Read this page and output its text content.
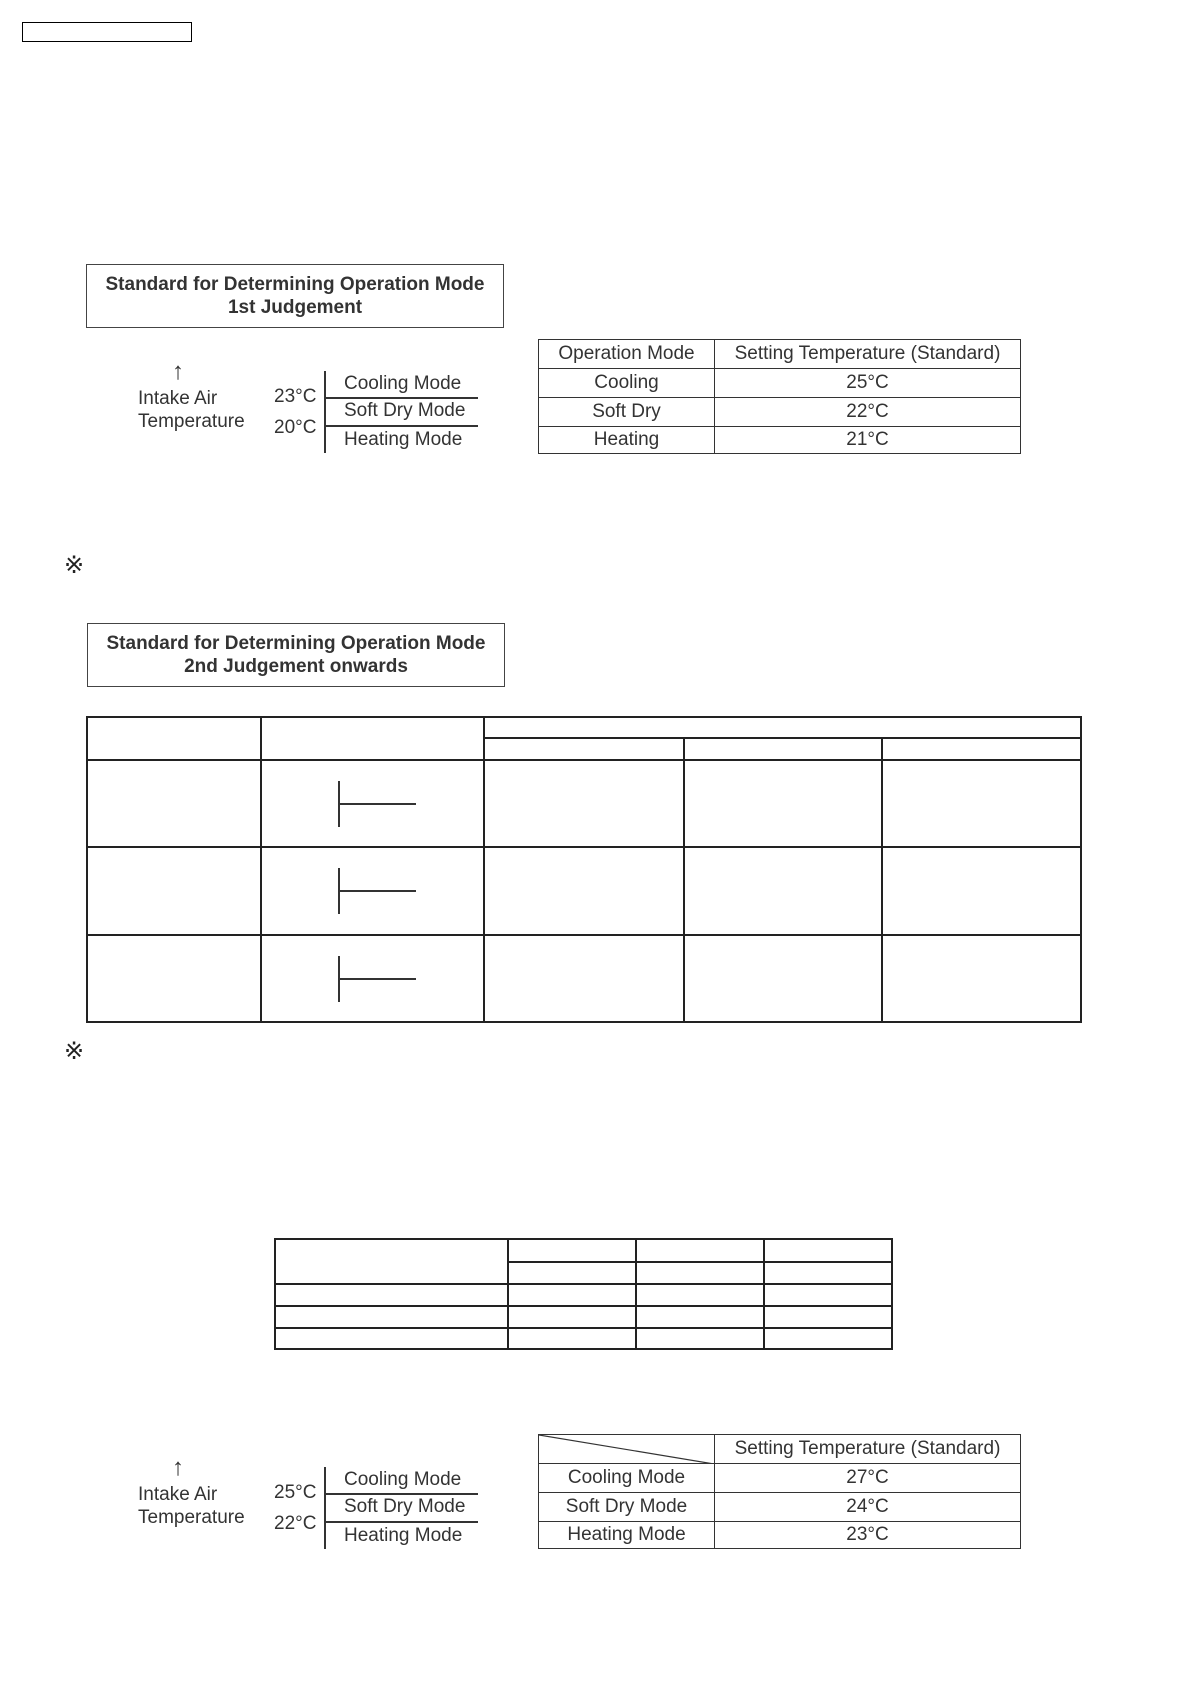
Standard for Determining Operation Mode
1st Judgement
↑
Intake Air
Temperature
23°C
20°C
Cooling Mode
Soft Dry Mode
Heating Mode
Operation Mode	Setting Temperature (Standard)
Cooling	25°C
Soft Dry	22°C
Heating	21°C
※
Standard for Determining Operation Mode
2nd Judgement onwards
※
↑
Intake Air
Temperature
25°C
22°C
Cooling Mode
Soft Dry Mode
Heating Mode
	Setting Temperature (Standard)
Cooling Mode	27°C
Soft Dry Mode	24°C
Heating Mode	23°C
